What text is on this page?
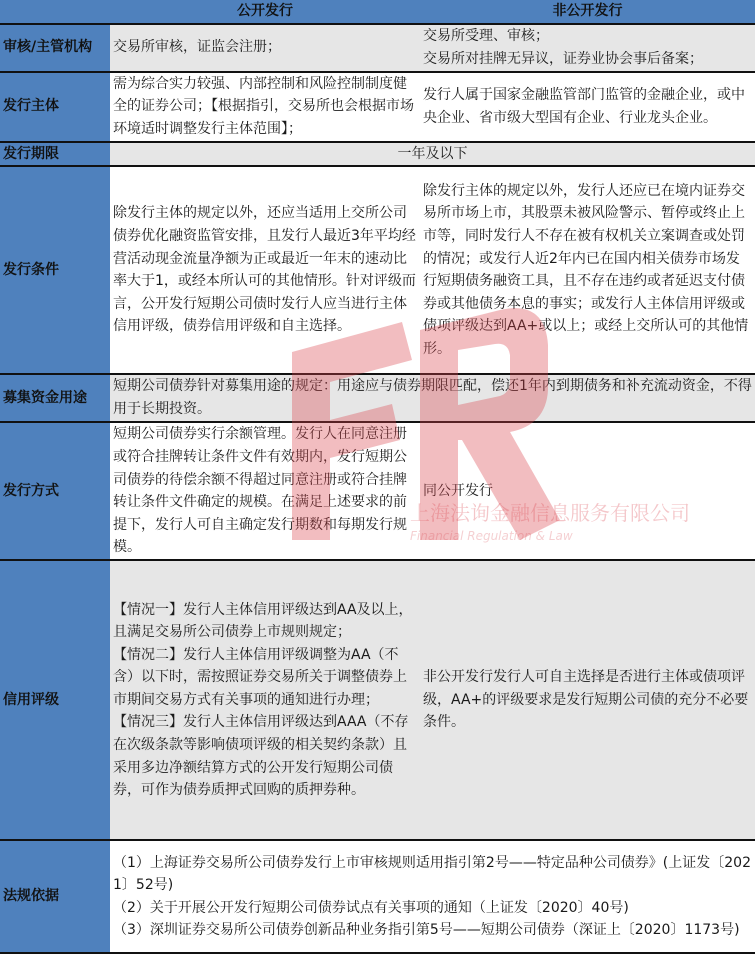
	公开发行	非公开发行
审核/主管机构	交易所审核，证监会注册；	交易所受理、审核；
交易所对挂牌无异议，证券业协会事后备案；

发行主体	需为综合实力较强、内部控制和风险控制制度健全的证券公司；【根据指引，交易所也会根据市场环境适时调整发行主体范围】；	发行人属于国家金融监管部门监管的金融企业，或中央企业、省市级大型国有企业、行业龙头企业。
发行期限	一年及以下	
发行条件	除发行主体的规定以外，还应当适用上交所公司债券优化融资监管安排，且发行人最近3年平均经营活动现金流量净额为正或最近一年末的速动比率大于1，或经本所认可的其他情形。针对评级而言，公开发行短期公司债时发行人应当进行主体信用评级，债券信用评级和自主选择。	除发行主体的规定以外，发行人还应已在境内证券交易所市场上市，其股票未被风险警示、暂停或终止上市等，同时发行人不存在被有权机关立案调查或处罚的情况；或发行人近2年内已在国内相关债券市场发行短期债务融资工具，且不存在违约或者延迟支付债券或其他债务本息的事实；或发行人主体信用评级或债项评级达到AA+或以上；或经上交所认可的其他情形。
募集资金用途	短期公司债券针对募集用途的规定：用途应与债券期限匹配，偿还1年内到期债务和补充流动资金，不得用于长期投资。	
发行方式	短期公司债券实行余额管理。发行人在同意注册或符合挂牌转让条件文件有效期内，发行短期公司债券的待偿余额不得超过同意注册或符合挂牌转让条件文件确定的规模。在满足上述要求的前提下，发行人可自主确定发行期数和每期发行规模。	同公开发行
信用评级	【情况一】发行人主体信用评级达到AA及以上，且满足交易所公司债券上市规则规定；
【情况二】发行人主体信用评级调整为AA（不含）以下时，需按照证券交易所关于调整债券上市期间交易方式有关事项的通知进行办理；
【情况三】发行人主体信用评级达到AAA（不存在次级条款等影响债项评级的相关契约条款）且采用多边净额结算方式的公开发行短期公司债券，可作为债券质押式回购的质押券种。	非公开发行发行人可自主选择是否进行主体或债项评级，AA+的评级要求是发行短期公司债的充分不必要条件。
法规依据	（1）上海证券交易所公司债券发行上市审核规则适用指引第2号——特定品种公司债券》(上证发〔2021〕52号)
（2）关于开展公开发行短期公司债券试点有关事项的通知（上证发〔2020〕40号)
（3）深圳证券交易所公司债券创新品种业务指引第5号——短期公司债券（深证上〔2020〕1173号)	
上海法询金融信息服务有限公司
Financial Regulation & Law
